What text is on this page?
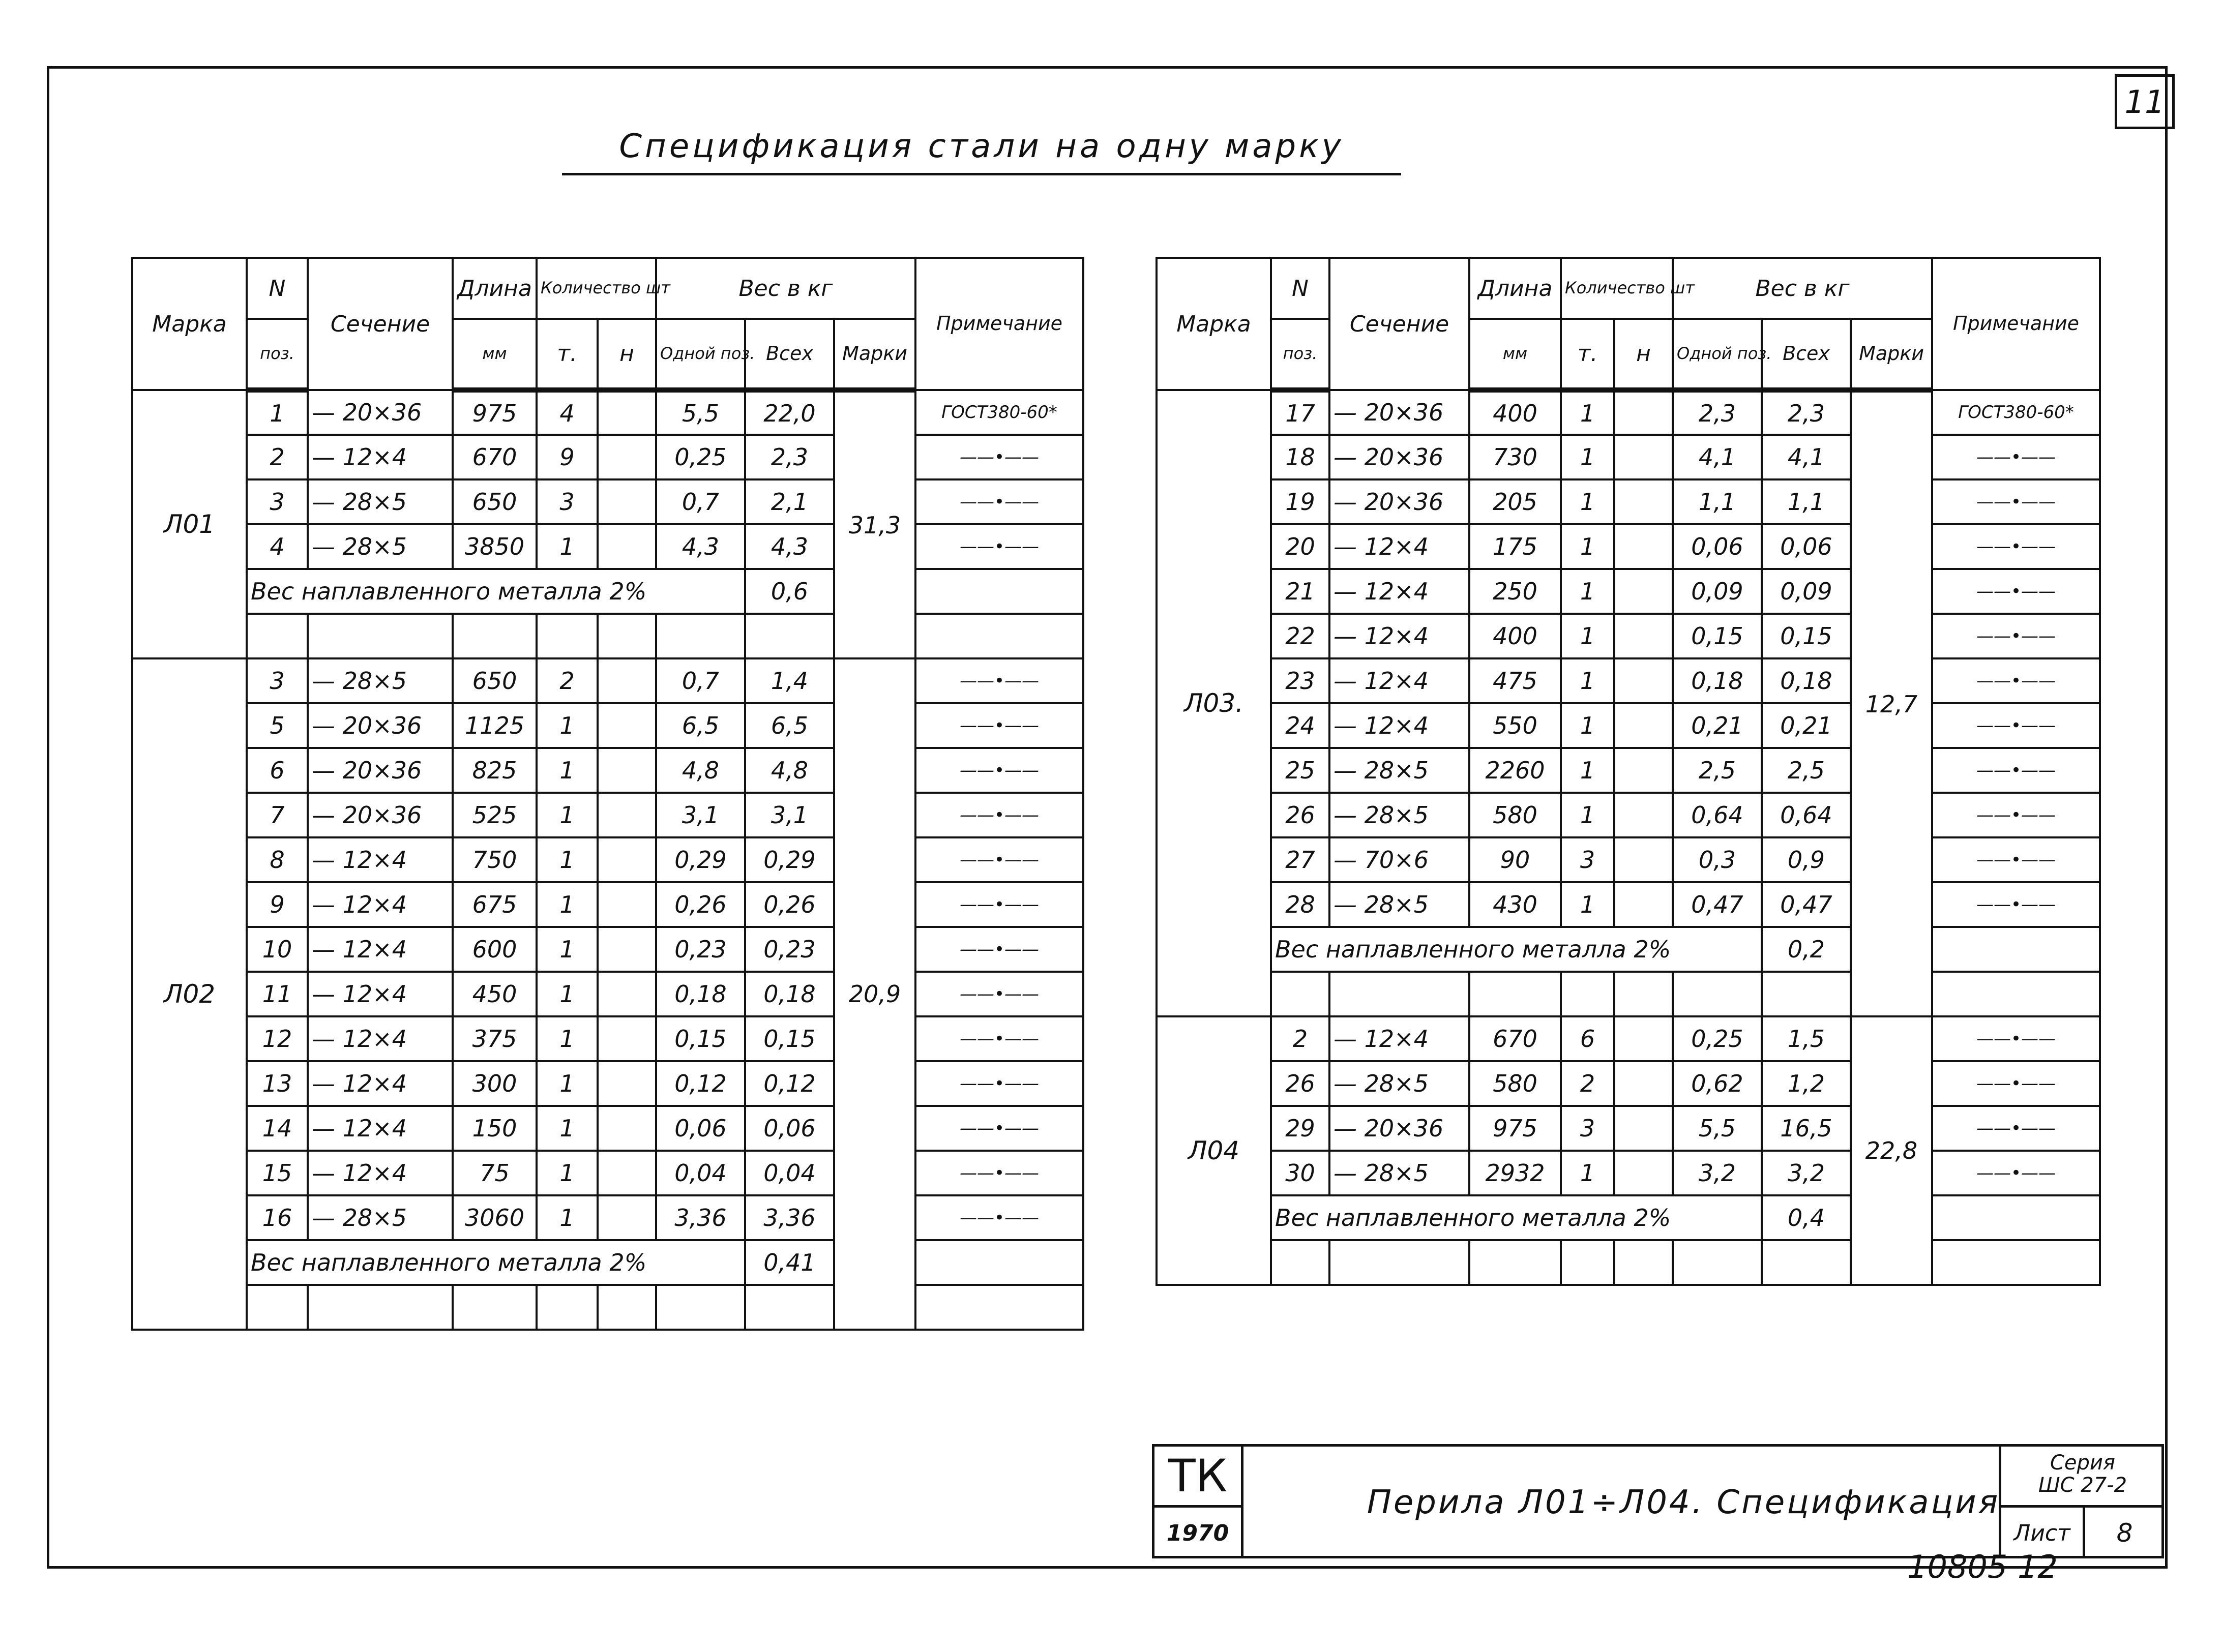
11
Спецификация стали на одну марку
Марка	N	Сечение	Длина	Количество шт		Вес в кг			Примечание
	поз.		мм	т.	н	Одной поз.	Всех	Марки	
Л01	1	— 20×36	975	4		5,5	22,0	31,3	ГОСТ380-60*
	2	— 12×4	670	9		0,25	2,3		——•——
	3	— 28×5	650	3		0,7	2,1		——•——
	4	— 28×5	3850	1		4,3	4,3		——•——
	Вес наплавленного металла 2%						0,6		

Л02	3	— 28×5	650	2		0,7	1,4	20,9	——•——
	5	— 20×36	1125	1		6,5	6,5		——•——
	6	— 20×36	825	1		4,8	4,8		——•——
	7	— 20×36	525	1		3,1	3,1		——•——
	8	— 12×4	750	1		0,29	0,29		——•——
	9	— 12×4	675	1		0,26	0,26		——•——
	10	— 12×4	600	1		0,23	0,23		——•——
	11	— 12×4	450	1		0,18	0,18		——•——
	12	— 12×4	375	1		0,15	0,15		——•——
	13	— 12×4	300	1		0,12	0,12		——•——
	14	— 12×4	150	1		0,06	0,06		——•——
	15	— 12×4	75	1		0,04	0,04		——•——
	16	— 28×5	3060	1		3,36	3,36		——•——
	Вес наплавленного металла 2%						0,41		

Марка	N	Сечение	Длина	Количество шт		Вес в кг			Примечание
	поз.		мм	т.	н	Одной поз.	Всех	Марки	
Л03.	17	— 20×36	400	1		2,3	2,3	12,7	ГОСТ380-60*
	18	— 20×36	730	1		4,1	4,1		——•——
	19	— 20×36	205	1		1,1	1,1		——•——
	20	— 12×4	175	1		0,06	0,06		——•——
	21	— 12×4	250	1		0,09	0,09		——•——
	22	— 12×4	400	1		0,15	0,15		——•——
	23	— 12×4	475	1		0,18	0,18		——•——
	24	— 12×4	550	1		0,21	0,21		——•——
	25	— 28×5	2260	1		2,5	2,5		——•——
	26	— 28×5	580	1		0,64	0,64		——•——
	27	— 70×6	90	3		0,3	0,9		——•——
	28	— 28×5	430	1		0,47	0,47		——•——
	Вес наплавленного металла 2%						0,2		

Л04	2	— 12×4	670	6		0,25	1,5	22,8	——•——
	26	— 28×5	580	2		0,62	1,2		——•——
	29	— 20×36	975	3		5,5	16,5		——•——
	30	— 28×5	2932	1		3,2	3,2		——•——
	Вес наплавленного металла 2%						0,4		

ТК
1970
Перила Л01÷Л04. Спецификация
Серия
ШС 27-2
Лист	8
10805 12
